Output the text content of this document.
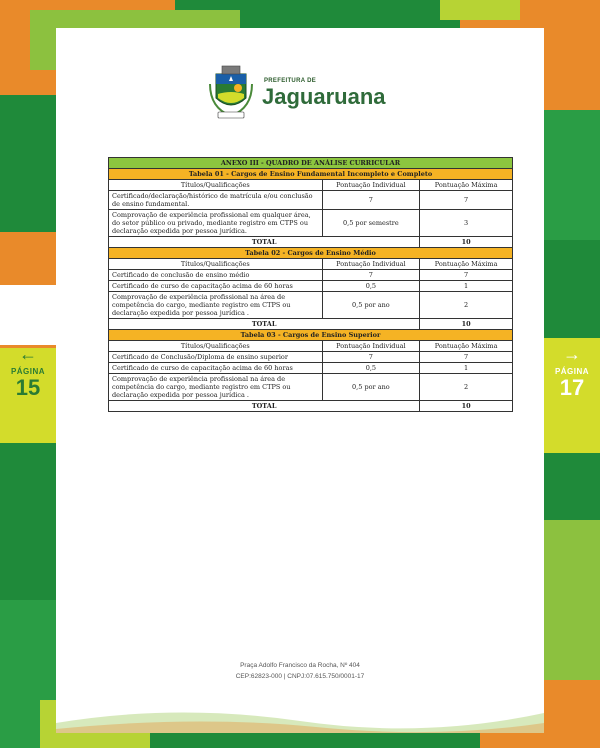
←
PÁGINA
15
→
PÁGINA
17
PREFEITURA DE
Jaguaruana
ANEXO III - QUADRO DE ANÁLISE CURRICULAR		
Tabela 01 - Cargos de Ensino Fundamental Incompleto e Completo		
Títulos/Qualificações	Pontuação Individual	Pontuação Máxima
Certificado/declaração/histórico de matrícula e/ou conclusão de ensino fundamental.	7	7
Comprovação de experiência profissional em qualquer área, do setor público ou privado, mediante registro em CTPS ou declaração expedida por pessoa jurídica.	0,5 por semestre	3
TOTAL		10
Tabela 02 - Cargos de Ensino Médio		
Títulos/Qualificações	Pontuação Individual	Pontuação Máxima
Certificado de conclusão de ensino médio	7	7
Certificado de curso de capacitação acima de 60 horas	0,5	1
Comprovação de experiência profissional na área de competência do cargo, mediante registro em CTPS ou declaração expedida por pessoa jurídica .	0,5 por ano	2
TOTAL		10
Tabela 03 - Cargos de Ensino Superior		
Títulos/Qualificações	Pontuação Individual	Pontuação Máxima
Certificado de Conclusão/Diploma de ensino superior	7	7
Certificado de curso de capacitação acima de 60 horas	0,5	1
Comprovação de experiência profissional na área de competência do cargo, mediante registro em CTPS ou declaração expedida por pessoa jurídica .	0,5 por ano	2
TOTAL		10
Praça Adolfo Francisco da Rocha, Nº 404
CEP:62823-000 | CNPJ:07.615.750/0001-17
